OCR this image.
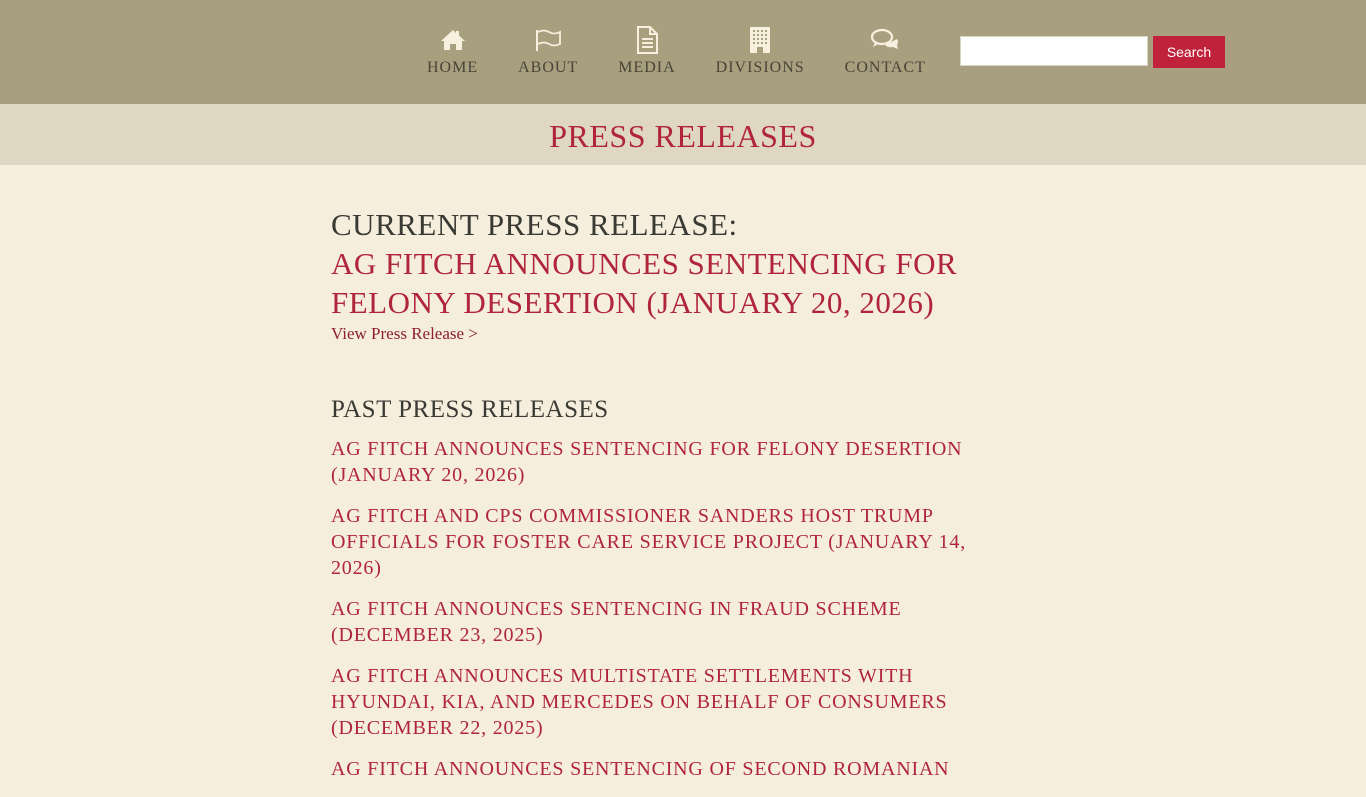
HOME	ABOUT	MEDIA	DIVISIONS	CONTACT
Search
PRESS RELEASES
CURRENT PRESS RELEASE:
AG FITCH ANNOUNCES SENTENCING FOR FELONY DESERTION (JANUARY 20, 2026)
View Press Release >
PAST PRESS RELEASES
AG FITCH ANNOUNCES SENTENCING FOR FELONY DESERTION (JANUARY 20, 2026)
AG FITCH AND CPS COMMISSIONER SANDERS HOST TRUMP OFFICIALS FOR FOSTER CARE SERVICE PROJECT (JANUARY 14, 2026)
AG FITCH ANNOUNCES SENTENCING IN FRAUD SCHEME (DECEMBER 23, 2025)
AG FITCH ANNOUNCES MULTISTATE SETTLEMENTS WITH HYUNDAI, KIA, AND MERCEDES ON BEHALF OF CONSUMERS (DECEMBER 22, 2025)
AG FITCH ANNOUNCES SENTENCING OF SECOND ROMANIAN
